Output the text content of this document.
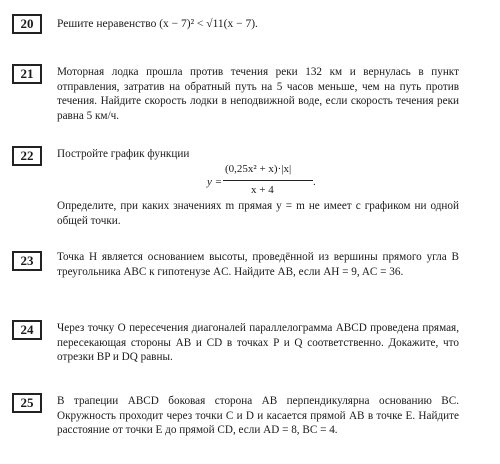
20	Решите неравенство (x − 7)² < √11(x − 7).

21	Моторная лодка прошла против течения реки 132 км и вернулась в пункт отправления, затратив на обратный путь на 5 часов меньше, чем на путь против течения. Найдите скорость лодки в неподвижной воде, если скорость течения реки равна 5 км/ч.

22	Постройте график функции

y =
(0,25x² + x)·|x|
x + 4
.

Определите, при каких значениях m прямая y = m не имеет с графиком ни одной общей точки.

23	Точка H является основанием высоты, проведённой из вершины прямого угла B треугольника ABC к гипотенузе AC. Найдите AB, если AH = 9, AC = 36.

24	Через точку O пересечения диагоналей параллелограмма ABCD проведена прямая, пересекающая стороны AB и CD в точках P и Q соответственно. Докажите, что отрезки BP и DQ равны.

25	В трапеции ABCD боковая сторона AB перпендикулярна основанию BC. Окружность проходит через точки C и D и касается прямой AB в точке E. Найдите расстояние от точки E до прямой CD, если AD = 8, BC = 4.
